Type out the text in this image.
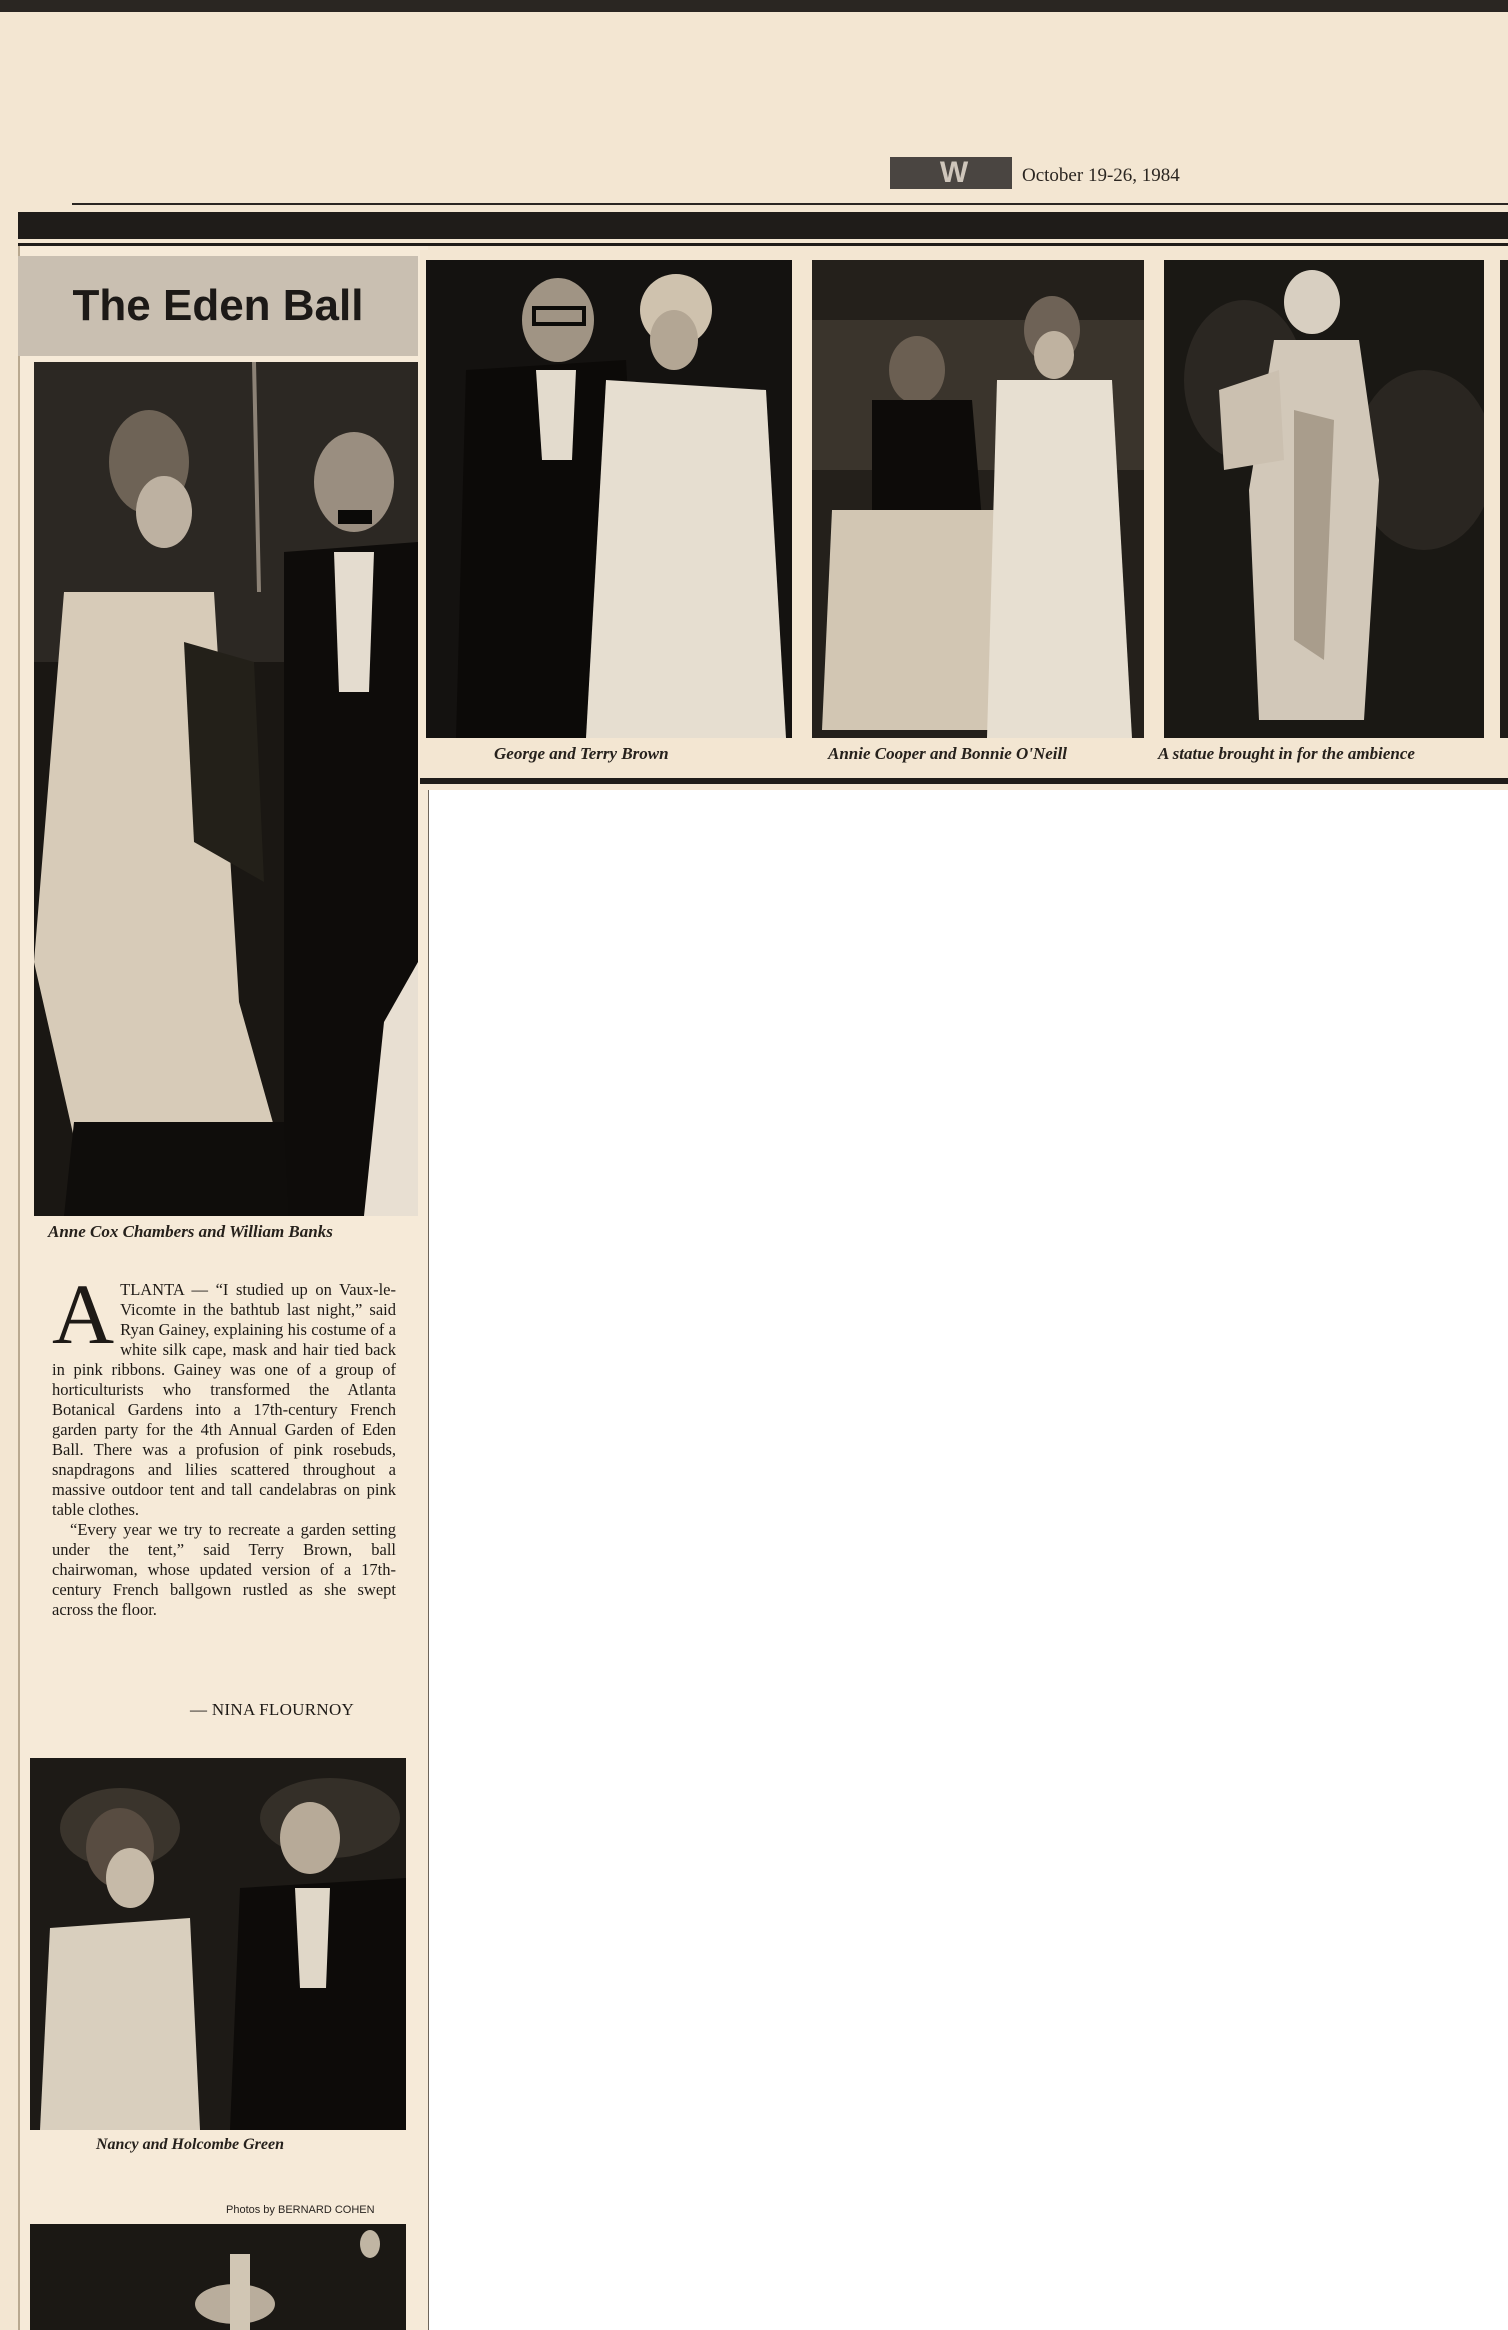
W	October 19-26, 1984
The Eden Ball
Anne Cox Chambers and William Banks

ATLANTA — “I studied up on Vaux-le-Vicomte in the bathtub last night,” said Ryan Gainey, explaining his costume of a white silk cape, mask and hair tied back in pink ribbons. Gainey was one of a group of horticulturists who transformed the Atlanta Botanical Gardens into a 17th-century French garden party for the 4th Annual Garden of Eden Ball. There was a profusion of pink rosebuds, snapdragons and lilies scattered throughout a massive outdoor tent and tall candelabras on pink table clothes.

“Every year we try to recreate a garden setting under the tent,” said Terry Brown, ball chairwoman, whose updated version of a 17th-century French ballgown rustled as she swept across the floor.

— NINA FLOURNOY
Nancy and Holcombe Green
Photos by BERNARD COHEN
George and Terry Brown	Annie Cooper and Bonnie O'Neill	A statue brought in for the ambience
